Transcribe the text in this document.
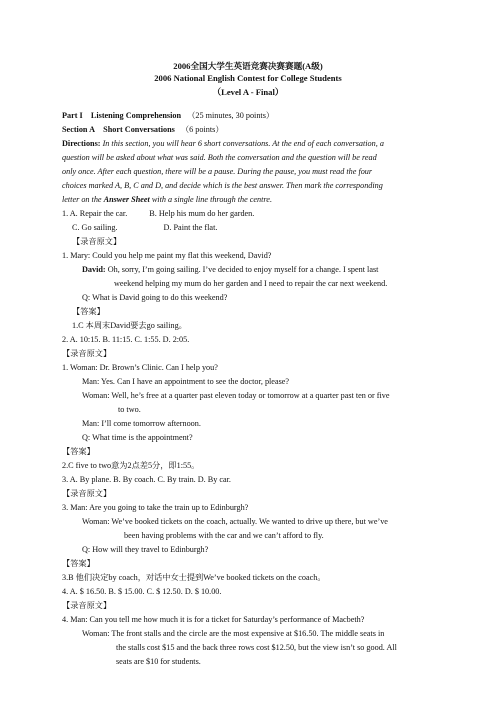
2006全国大学生英语竞赛决赛赛题(A级)
2006 National English Contest for College Students
（Level A - Final）
Part I Listening Comprehension （25 minutes, 30 points）
Section A Short Conversations （6 points）
Directions: In this section, you will hear 6 short conversations. At the end of each conversation, a
question will be asked about what was said. Both the conversation and the question will be read
only once. After each question, there will be a pause. During the pause, you must read the four
choices marked A, B, C and D, and decide which is the best answer. Then mark the corresponding
letter on the Answer Sheet with a single line through the centre.
1. A. Repair the car.	B. Help his mum do her garden.
C. Go sailing.	D. Paint the flat.
【录音原文】
1. Mary: Could you help me paint my flat this weekend, David?
David: Oh, sorry, I’m going sailing. I’ve decided to enjoy myself for a change. I spent last
weekend helping my mum do her garden and I need to repair the car next weekend.
Q: What is David going to do this weekend?
【答案】
1.C 本周末David要去go sailing。
2. A. 10:15. B. 11:15. C. 1:55. D. 2:05.
【录音原文】
1. Woman: Dr. Brown’s Clinic. Can I help you?
Man: Yes. Can I have an appointment to see the doctor, please?
Woman: Well, he’s free at a quarter past eleven today or tomorrow at a quarter past ten or five
to two.
Man: I’ll come tomorrow afternoon.
Q: What time is the appointment?
【答案】
2.C five to two意为2点差5分，即1:55。
3. A. By plane. B. By coach. C. By train. D. By car.
【录音原文】
3. Man: Are you going to take the train up to Edinburgh?
Woman: We’ve booked tickets on the coach, actually. We wanted to drive up there, but we’ve
been having problems with the car and we can’t afford to fly.
Q: How will they travel to Edinburgh?
【答案】
3.B 他们决定by coach，对话中女士提到We’ve booked tickets on the coach。
4. A. $ 16.50. B. $ 15.00. C. $ 12.50. D. $ 10.00.
【录音原文】
4. Man: Can you tell me how much it is for a ticket for Saturday’s performance of Macbeth?
Woman: The front stalls and the circle are the most expensive at $16.50. The middle seats in
the stalls cost $15 and the back three rows cost $12.50, but the view isn’t so good. All
seats are $10 for students.
